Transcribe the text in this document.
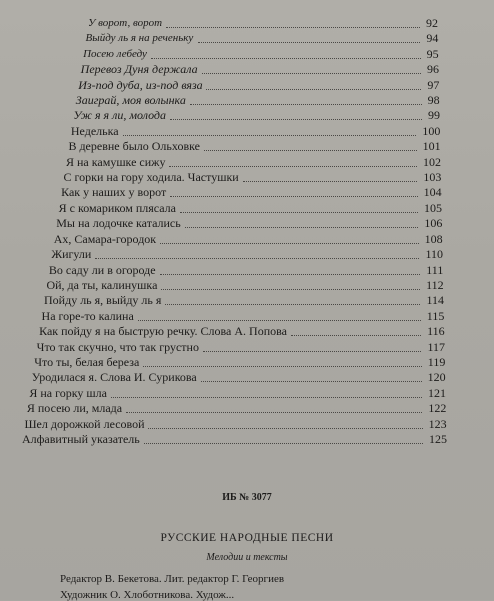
У ворот, ворот	92
Выйду ль я на реченьку	94
Посею лебеду	95
Перевоз Дуня держала	96
Из-под дуба, из-под вяза	97
Заиграй, моя волынка	98
Уж я я ли, молода	99
Неделька	100
В деревне было Ольховке	101
Я на камушке сижу	102
С горки на гору ходила. Частушки	103
Как у наших у ворот	104
Я с комариком плясала	105
Мы на лодочке катались	106
Ах, Самара-городок	108
Жигули	110
Во саду ли в огороде	111
Ой, да ты, калинушка	112
Пойду ль я, выйду ль я	114
На горе-то калина	115
Как пойду я на быструю речку. Слова А. Попова	116
Что так скучно, что так грустно	117
Что ты, белая береза	119
Уродилася я. Слова И. Сурикова	120
Я на горку шла	121
Я посею ли, млада	122
Шел дорожкой лесовой	123
Алфавитный указатель	125
ИБ № 3077
РУССКИЕ НАРОДНЫЕ ПЕСНИ
Мелодии и тексты
Редактор В. Бекетова. Лит. редактор Г. Георгиев
Художник О. Хлоботникова. Худож...
